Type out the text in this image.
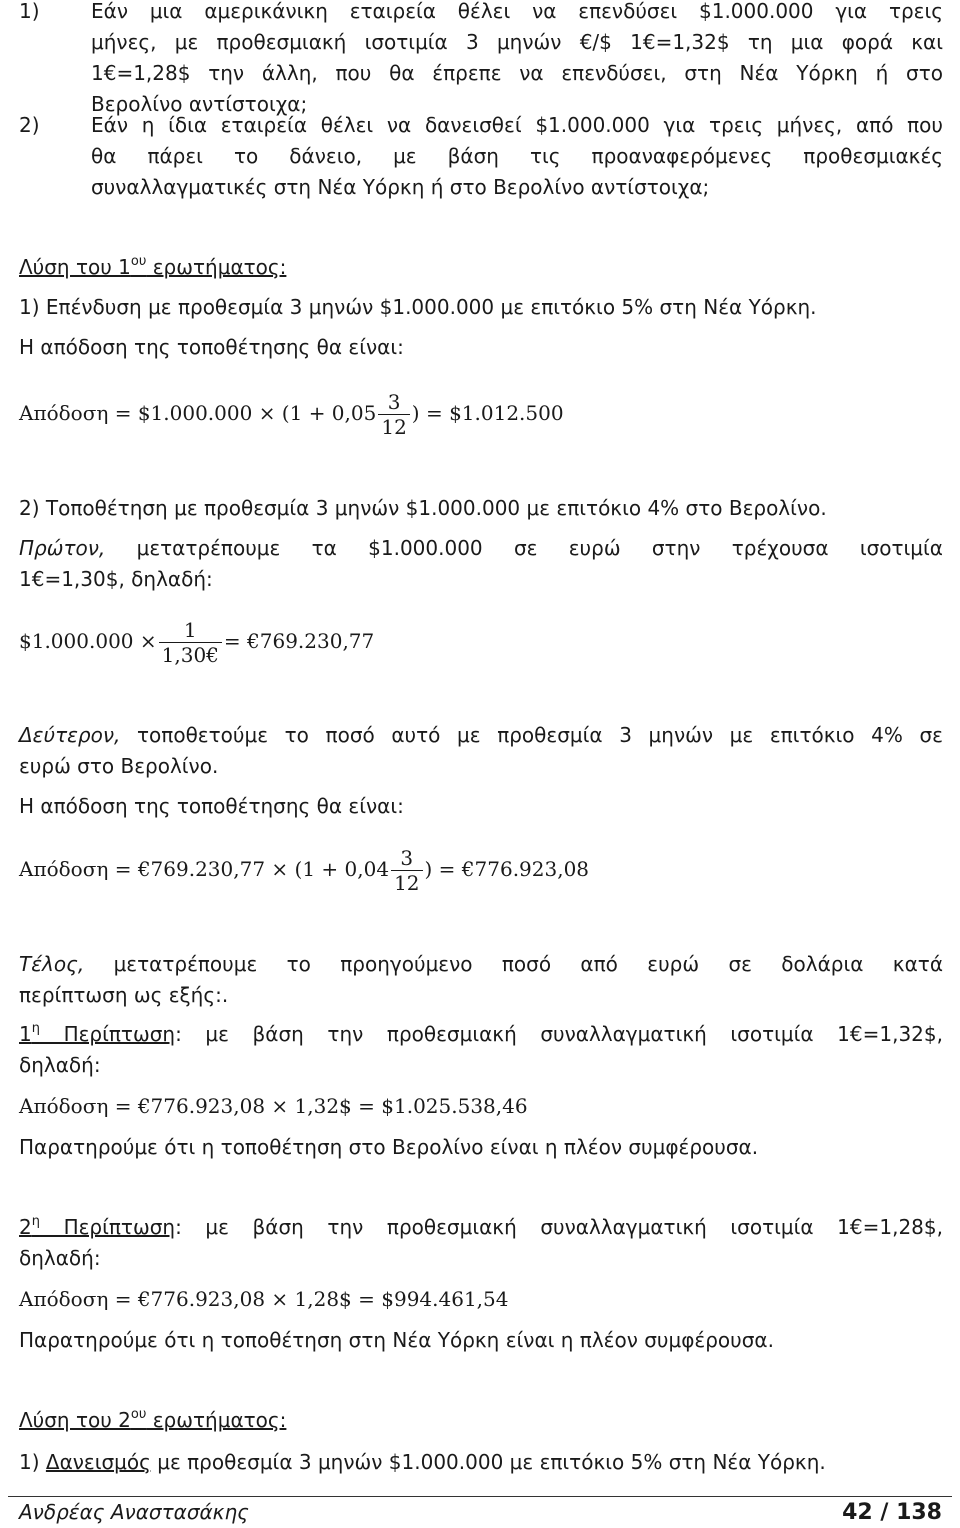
1)	Εάν μια αμερικάνικη εταιρεία θέλει να επενδύσει $1.000.000 για τρεις
μήνες, με προθεσμιακή ισοτιμία 3 μηνών €/$ 1€=1,32$ τη μια φορά και
1€=1,28$ την άλλη, που θα έπρεπε να επενδύσει, στη Νέα Υόρκη ή στο
Βερολίνο αντίστοιχα;
2)	Εάν η ίδια εταιρεία θέλει να δανεισθεί $1.000.000 για τρεις μήνες, από που
θα πάρει το δάνειο, με βάση τις προαναφερόμενες προθεσμιακές
συναλλαγματικές στη Νέα Υόρκη ή στο Βερολίνο αντίστοιχα;
Λύση του $1^{o\upsilon}$ ερωτήματος:
1) Επένδυση με προθεσμία 3 μηνών $1.000.000 με επιτόκιο 5% στη Νέα Υόρκη.
Η απόδοση της τοποθέτησης θα είναι:
Απόδοση = $1.000.000 × ($1 + 0,05 \frac{3}{12}$ ) = $1.012.500
2) Τοποθέτηση με προθεσμία 3 μηνών $1.000.000 με επιτόκιο 4% στο Βερολίνο.
Πρώτον, μετατρέπουμε τα $1.000.000 σε ευρώ στην τρέχουσα ισοτιμία
1€=1,30$, δηλαδή:
$1.000.000 × $\frac{1}{1,30€}$ = €769.230,77
Δεύτερον, τοποθετούμε το ποσό αυτό με προθεσμία 3 μηνών με επιτόκιο 4% σε
ευρώ στο Βερολίνο.
Η απόδοση της τοποθέτησης θα είναι:
Απόδοση = €769.230,77 × ($1 + 0,04 \frac{3}{12}$ ) = €776.923,08
Τέλος, μετατρέπουμε το προηγούμενο ποσό από ευρώ σε δολάρια κατά
περίπτωση ως εξής:.
$1^\eta$ Περίπτωση: με βάση την προθεσμιακή συναλλαγματική ισοτιμία 1€=1,32$,
δηλαδή:
Απόδοση = €776.923,08 × 1,32$ = $1.025.538,46
Παρατηρούμε ότι η τοποθέτηση στο Βερολίνο είναι η πλέον συμφέρουσα.
$2^\eta$ Περίπτωση: με βάση την προθεσμιακή συναλλαγματική ισοτιμία 1€=1,28$,
δηλαδή:
Απόδοση = €776.923,08 × 1,28$ = $994.461,54
Παρατηρούμε ότι η τοποθέτηση στη Νέα Υόρκη είναι η πλέον συμφέρουσα.
Λύση του $2^{o\upsilon}$ ερωτήματος:
1) Δανεισμός με προθεσμία 3 μηνών $1.000.000 με επιτόκιο 5% στη Νέα Υόρκη.
Ανδρέας Αναστασάκης	42 / 138
